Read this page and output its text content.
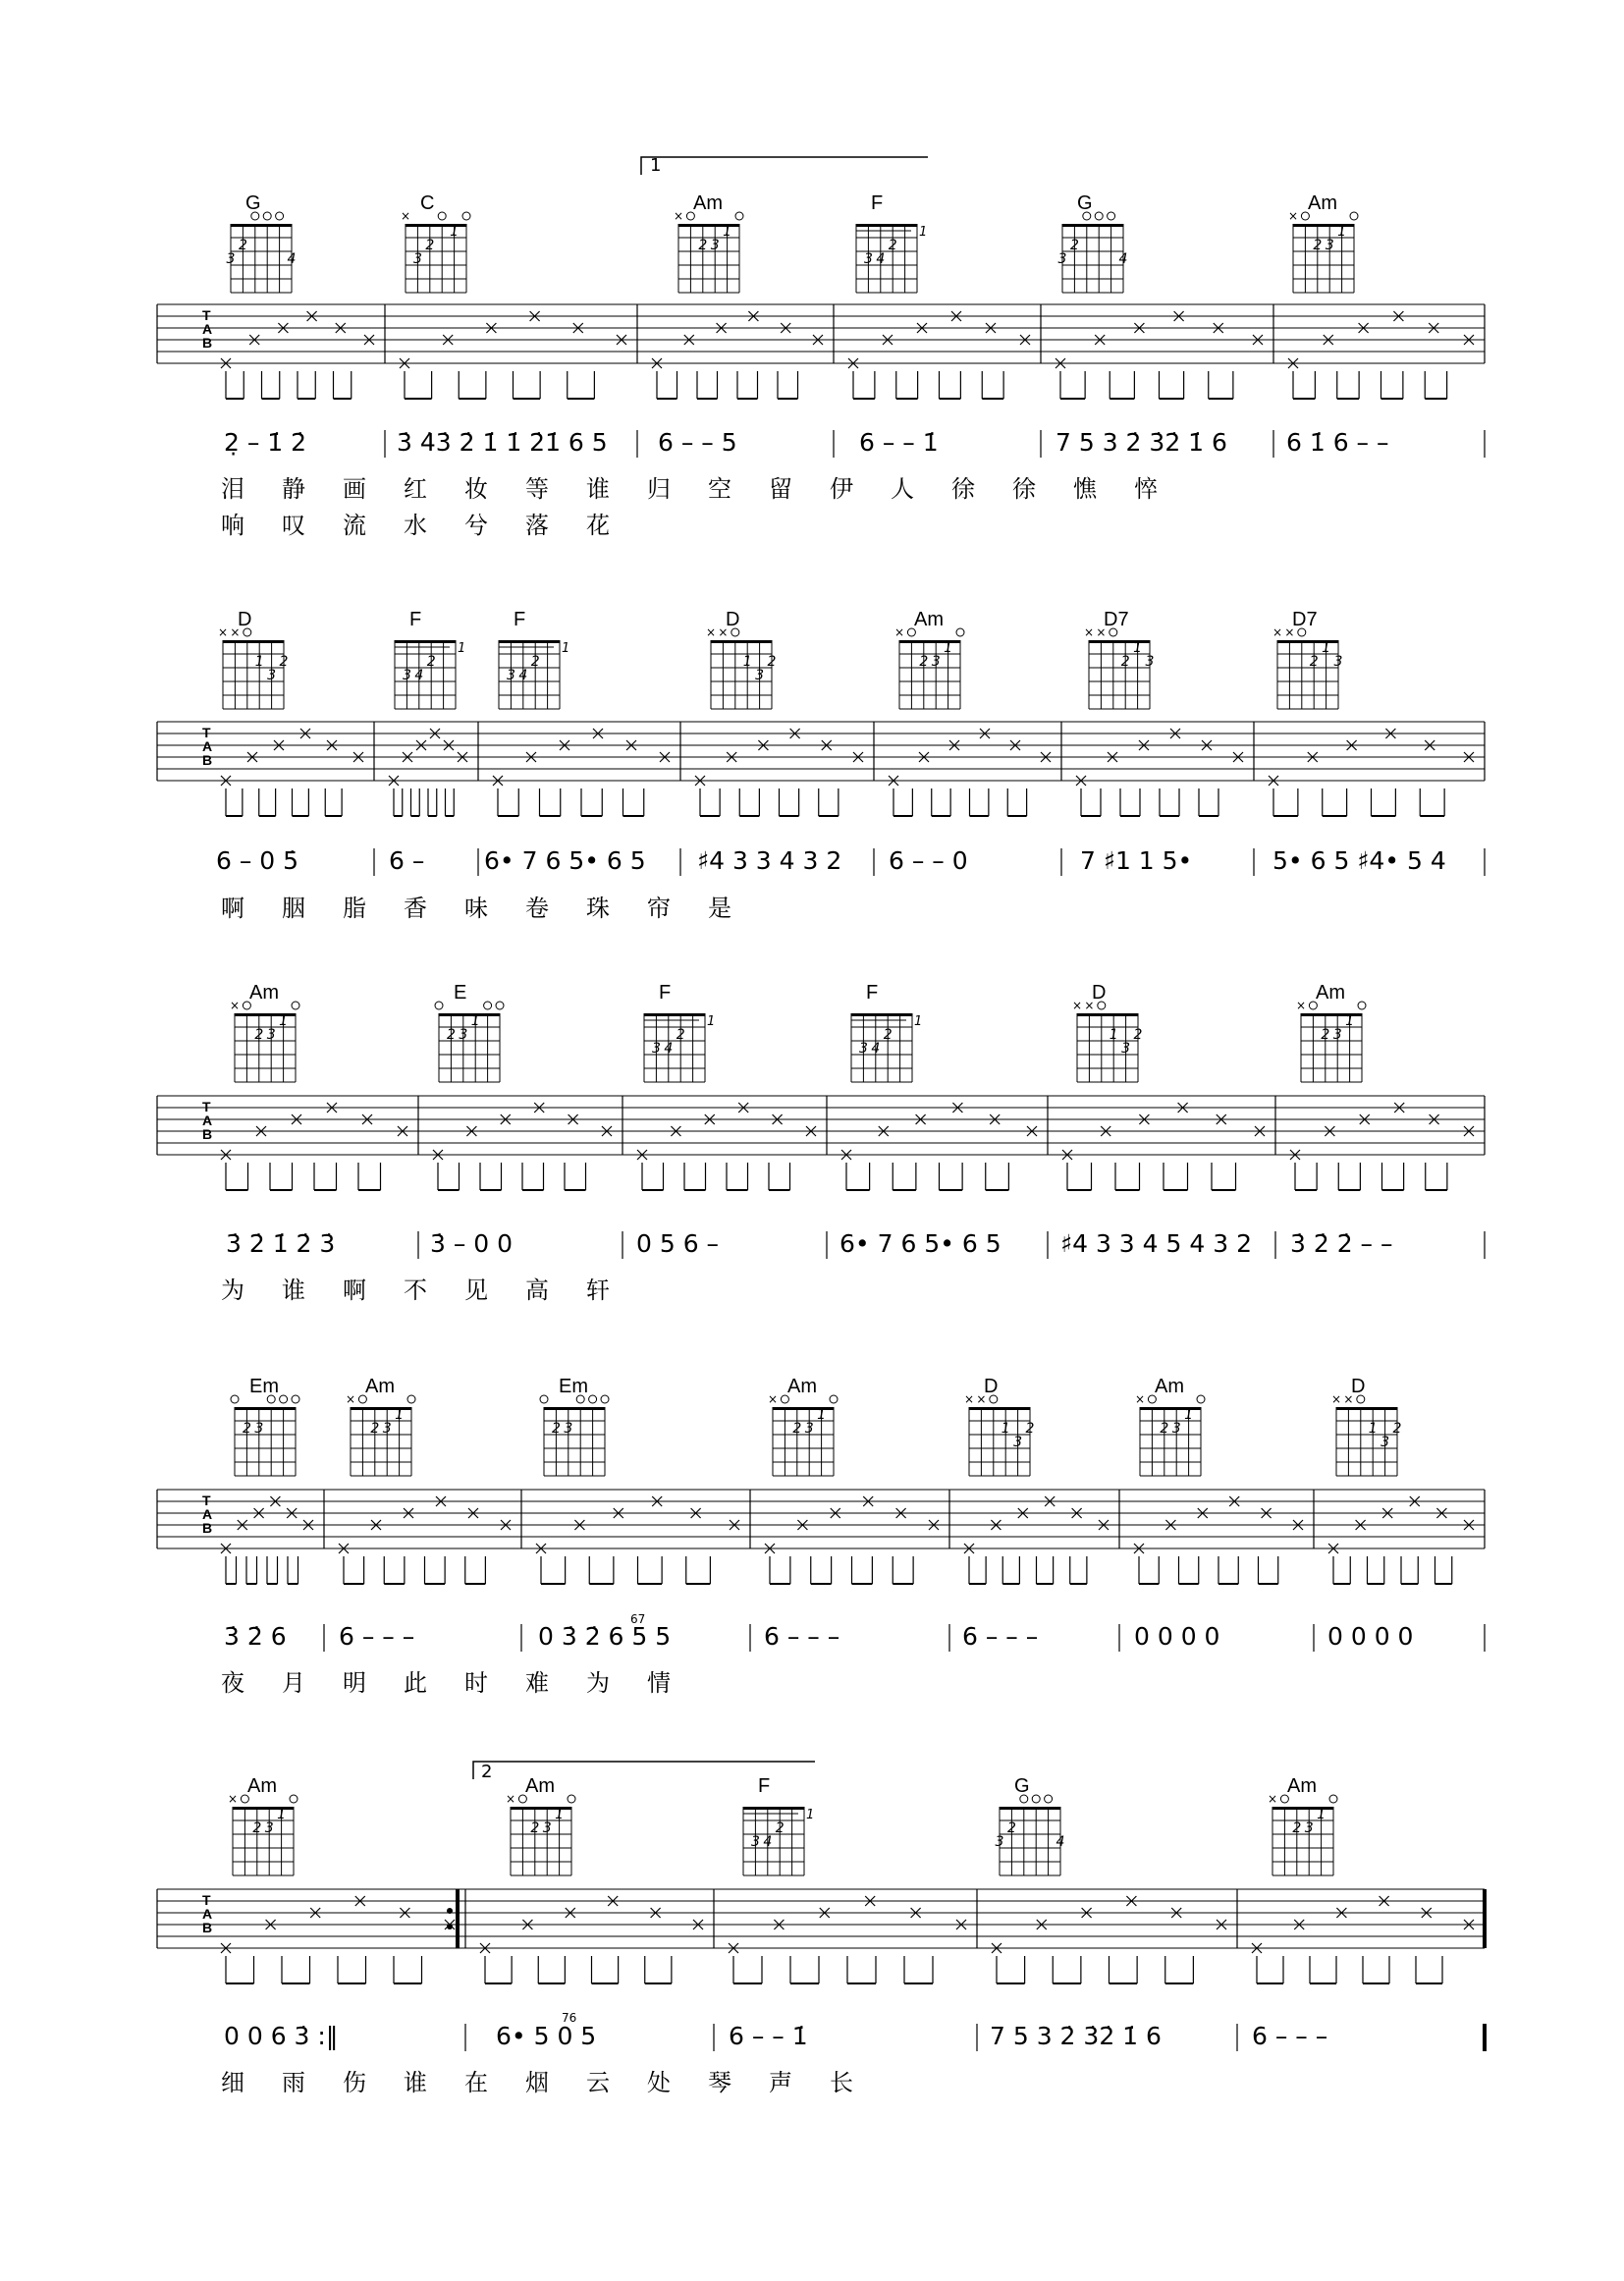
3
2
4
×
3
2
1
×
2 3
1
3 4
2
1
3
2
4
×
2 3
1
× ×
1
3
2
3 4
2
1
3 4
2
1
× ×
1
3
2
×
2 3
1
× ×
2
1
3
× ×
2
1
3
×
2 3
1
2 3
1
3 4
2
1
3 4
2
1
× ×
1
3
2
×
2 3
1
2 3
×
2 3
1
2 3
×
2 3
1
× ×
1
3
2
×
2 3
1
× ×
1
3
2
×
2 3
1
×
2 3
1
3 4
2
1
3
2
4
×
2 3
1
T
A
B
T
A
B
T
A
B
T
A
B
T
A
B
G	C	Am	F	G	Am
D	F	F	D	Am	D7	D7
Am	E	F	F	D	Am
Em	Am	Em	Am	D	Am	D
Am	Am	F	G	Am
1
2
2̣ – 1̇ 2̇	3̇ 4̇3̇ 2̇ 1̇ 1̇ 2̇1̇ 6 5 6 – – 5	6 – – 1̇	7 5 3 2̇ 3̇2̇ 1̇ 6 6 1̇ 6 – –
6 – 0 5̇	6 – 6• 7 6 5• 6 5 ♯4 3 3 4 3 2 6 – – 0	7 ♯1 1 5•	5• 6 5 ♯4• 5 4
3̇ 2̇ 1̇ 2̇ 3̇	3̇ – 0 0	0 5 6 –	6• 7 6 5• 6 5 ♯4 3 3 4 5 4 3 2 3̇ 2̇ 2̇ – –
3̇ 2̇ 6 6 – – –	0 3̇ 2̇ 6 5 5	6 – – –	6 – – –	0 0 0 0	0 0 0 0
0 0 6 3̇ :‖	6• 5 0 5	6 – – 1̇	7 5 3 2̇ 3̇2̇ 1̇ 6	6 – – –
泪 静 画 红 妆 等 谁 归 空 留 伊 人 徐 徐 憔 悴
响 叹 流 水 兮 落 花
啊 胭 脂 香 味 卷 珠 帘 是
为 谁 啊 不 见 高 轩
夜 月 明 此 时 难 为 情
细 雨 伤 谁 在 烟 云 处 琴 声 长
67
76
